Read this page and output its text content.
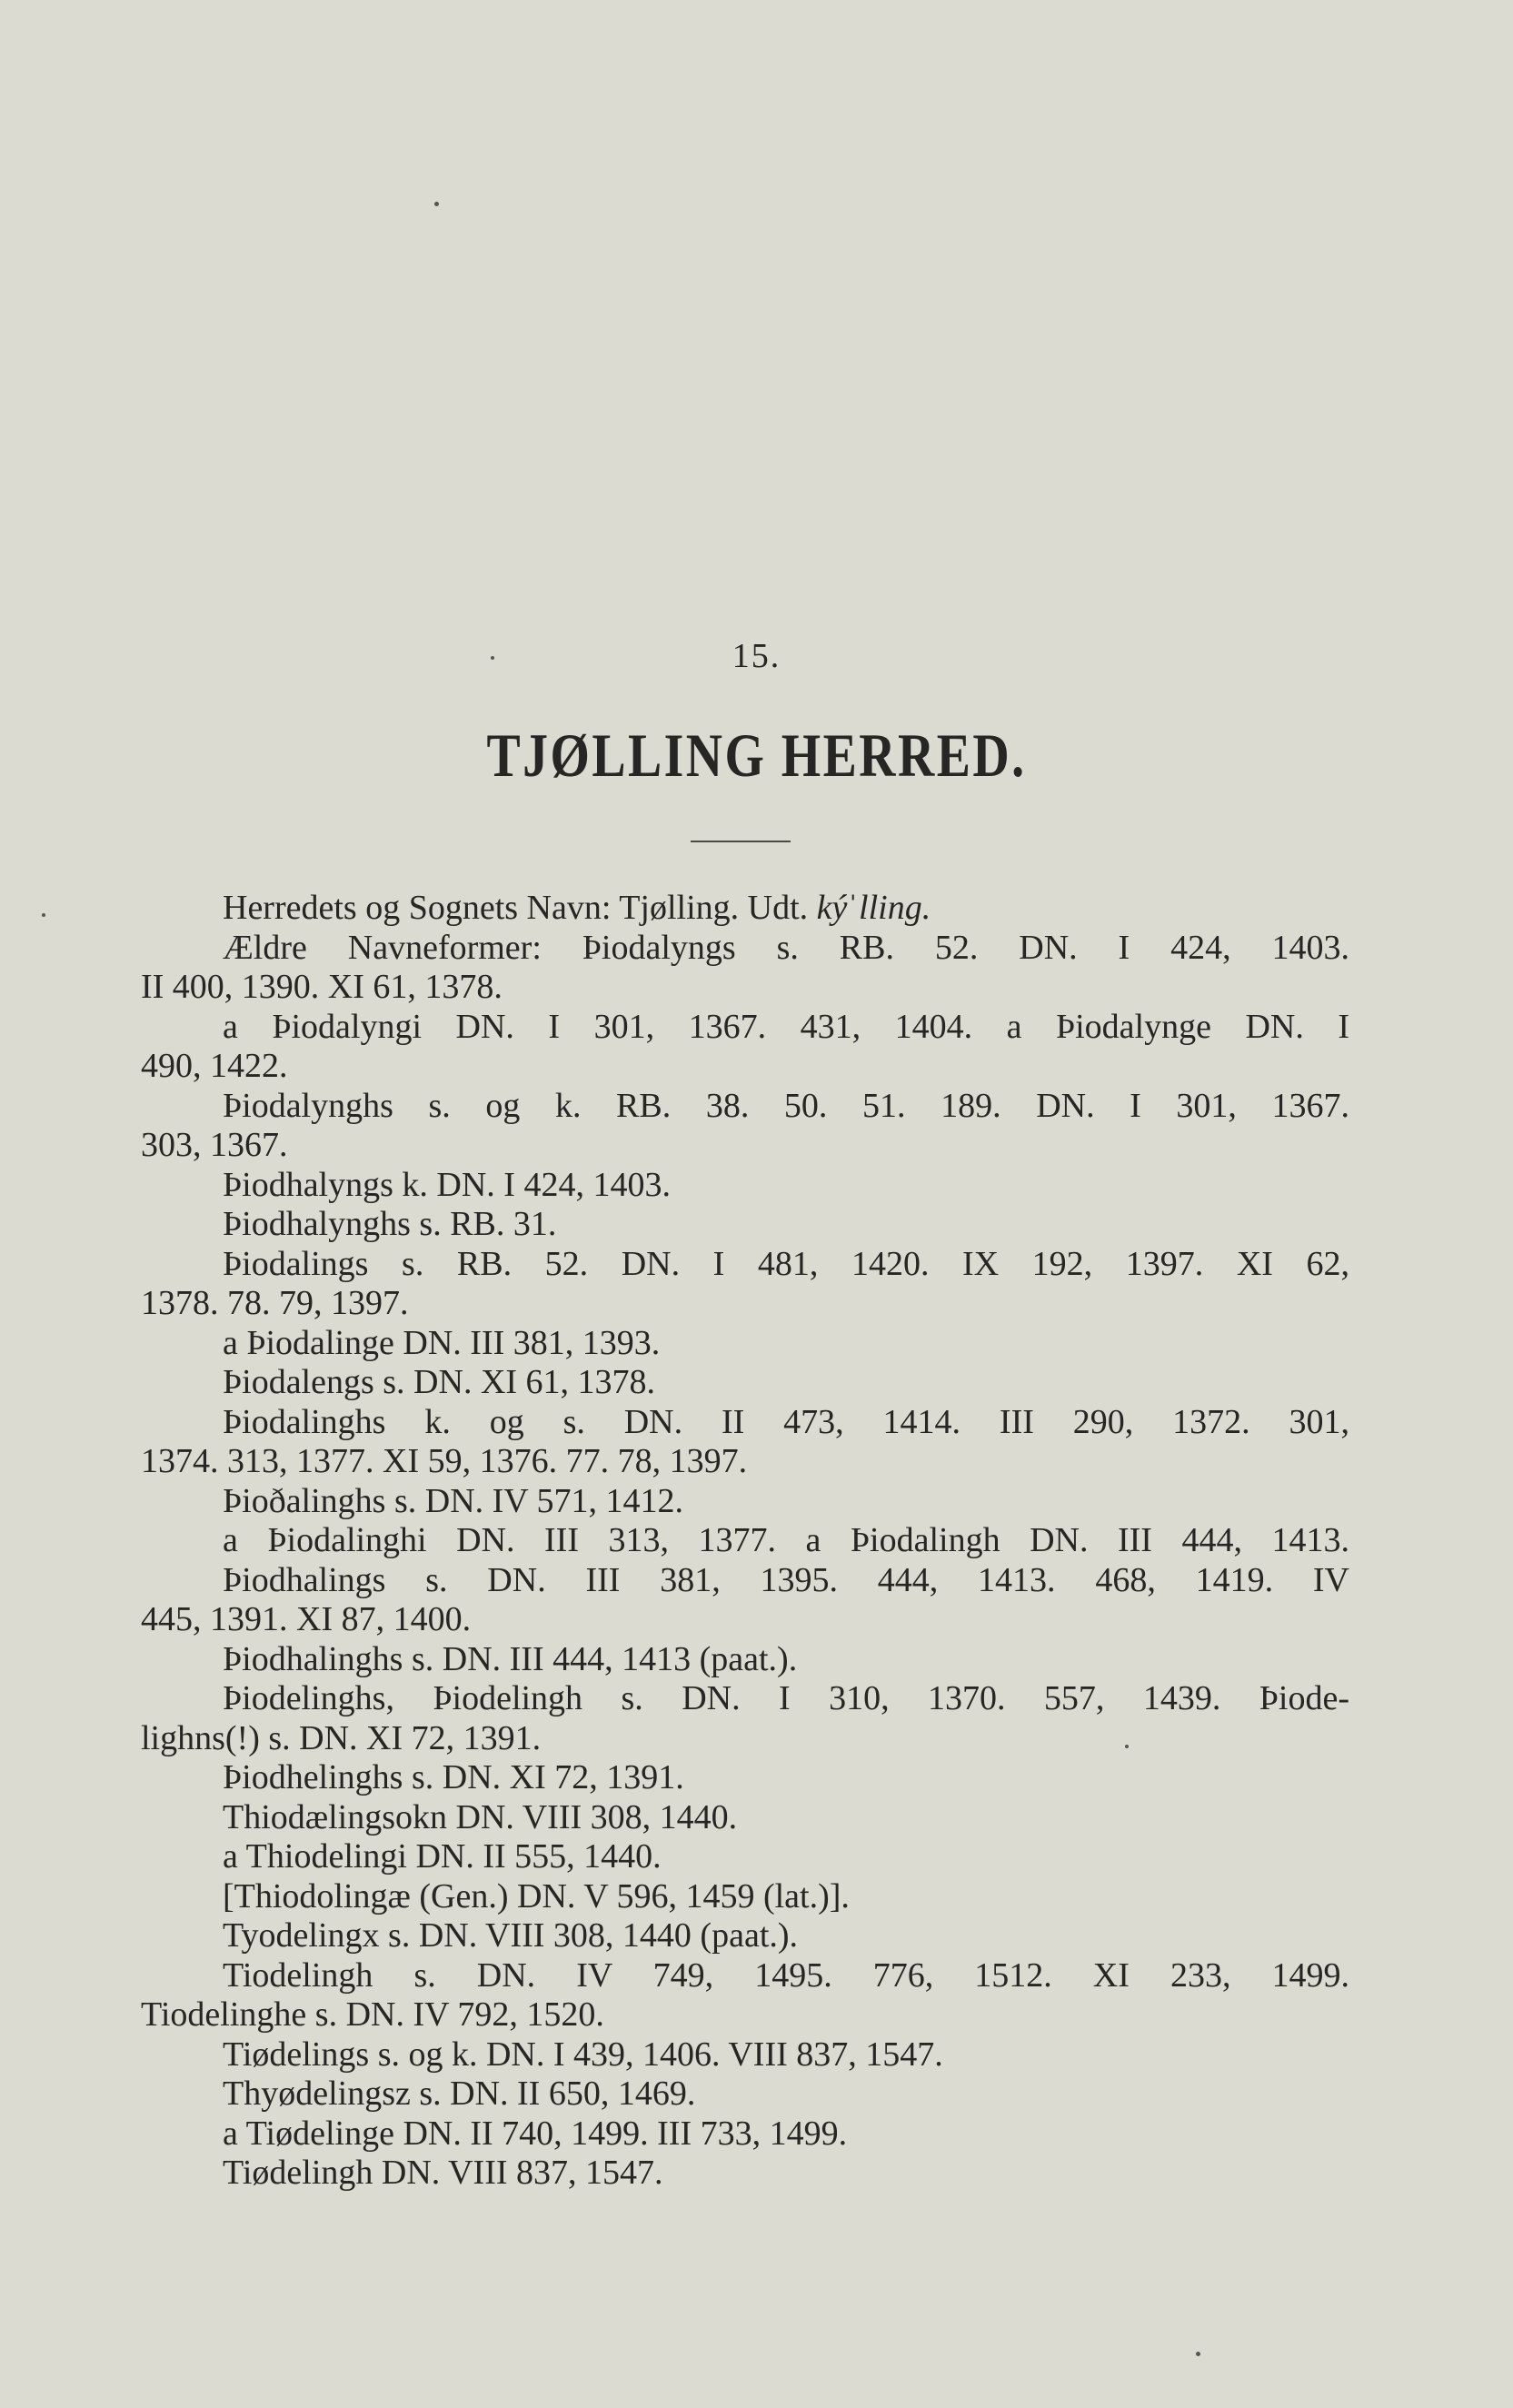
15.
TJØLLING HERRED.
Herredets og Sognets Navn: Tjølling. Udt. kýˈlling.
Ældre Navneformer: Þiodalyngs s. RB. 52. DN. I 424, 1403.
II 400, 1390. XI 61, 1378.
a Þiodalyngi DN. I 301, 1367. 431, 1404. a Þiodalynge DN. I
490, 1422.
Þiodalynghs s. og k. RB. 38. 50. 51. 189. DN. I 301, 1367.
303, 1367.
Þiodhalyngs k. DN. I 424, 1403.
Þiodhalynghs s. RB. 31.
Þiodalings s. RB. 52. DN. I 481, 1420. IX 192, 1397. XI 62,
1378. 78. 79, 1397.
a Þiodalinge DN. III 381, 1393.
Þiodalengs s. DN. XI 61, 1378.
Þiodalinghs k. og s. DN. II 473, 1414. III 290, 1372. 301,
1374. 313, 1377. XI 59, 1376. 77. 78, 1397.
Þioðalinghs s. DN. IV 571, 1412.
a Þiodalinghi DN. III 313, 1377. a Þiodalingh DN. III 444, 1413.
Þiodhalings s. DN. III 381, 1395. 444, 1413. 468, 1419. IV
445, 1391. XI 87, 1400.
Þiodhalinghs s. DN. III 444, 1413 (paat.).
Þiodelinghs, Þiodelingh s. DN. I 310, 1370. 557, 1439. Þiode-
lighns(!) s. DN. XI 72, 1391.
Þiodhelinghs s. DN. XI 72, 1391.
Thiodælingsokn DN. VIII 308, 1440.
a Thiodelingi DN. II 555, 1440.
[Thiodolingæ (Gen.) DN. V 596, 1459 (lat.)].
Tyodelingx s. DN. VIII 308, 1440 (paat.).
Tiodelingh s. DN. IV 749, 1495. 776, 1512. XI 233, 1499.
Tiodelinghe s. DN. IV 792, 1520.
Tiødelings s. og k. DN. I 439, 1406. VIII 837, 1547.
Thyødelingsz s. DN. II 650, 1469.
a Tiødelinge DN. II 740, 1499. III 733, 1499.
Tiødelingh DN. VIII 837, 1547.
